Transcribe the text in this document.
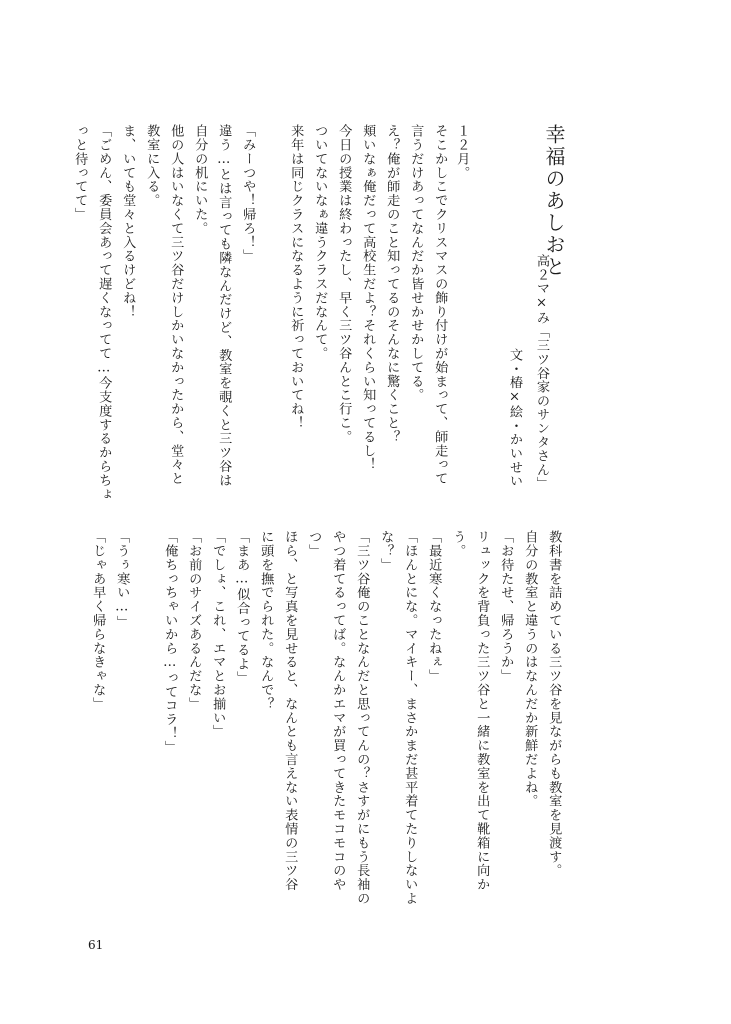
幸福のあしおと
高２マ×み「三ツ谷家のサンタさん」
文・椿×絵・かいせい
１２月。
そこかしこでクリスマスの飾り付けが始まって、師走って
言うだけあってなんだか皆せかせかしてる。
え？俺が師走のこと知ってるのそんなに驚くこと？
頬いなぁ俺だって高校生だよ？それくらい知ってるし！
今日の授業は終わったし、早く三ツ谷んとこ行こ。
ついてないなぁ違うクラスだなんて。
来年は同じクラスになるように祈っておいてね！
「みーつや！帰ろ！」
違う…とは言っても隣なんだけど、教室を覗くと三ツ谷は
自分の机にいた。
他の人はいなくて三ツ谷だけしかいなかったから、堂々と
教室に入る。
ま、いても堂々と入るけどね！
「ごめん、委員会あって遅くなってて…今支度するからちょ
っと待ってて」
教科書を詰めている三ツ谷を見ながらも教室を見渡す。
自分の教室と違うのはなんだか新鮮だよね。
「お待たせ、帰ろうか」
リュックを背負った三ツ谷と一緒に教室を出て靴箱に向か
う。
「最近寒くなったねぇ」
「ほんとにな。マイキー、まさかまだ甚平着てたりしないよ
な？」
「三ツ谷俺のことなんだと思ってんの？さすがにもう長袖の
やつ着てるってば。なんかエマが買ってきたモコモコのや
つ」
ほら、と写真を見せると、なんとも言えない表情の三ツ谷
に頭を撫でられた。なんで？
「まあ…似合ってるよ」
「でしょ、これ、エマとお揃い」
「お前のサイズあるんだな」
「俺ちっちゃいから…ってコラ！」
「うぅ寒い…」
「じゃあ早く帰らなきゃな」
61
